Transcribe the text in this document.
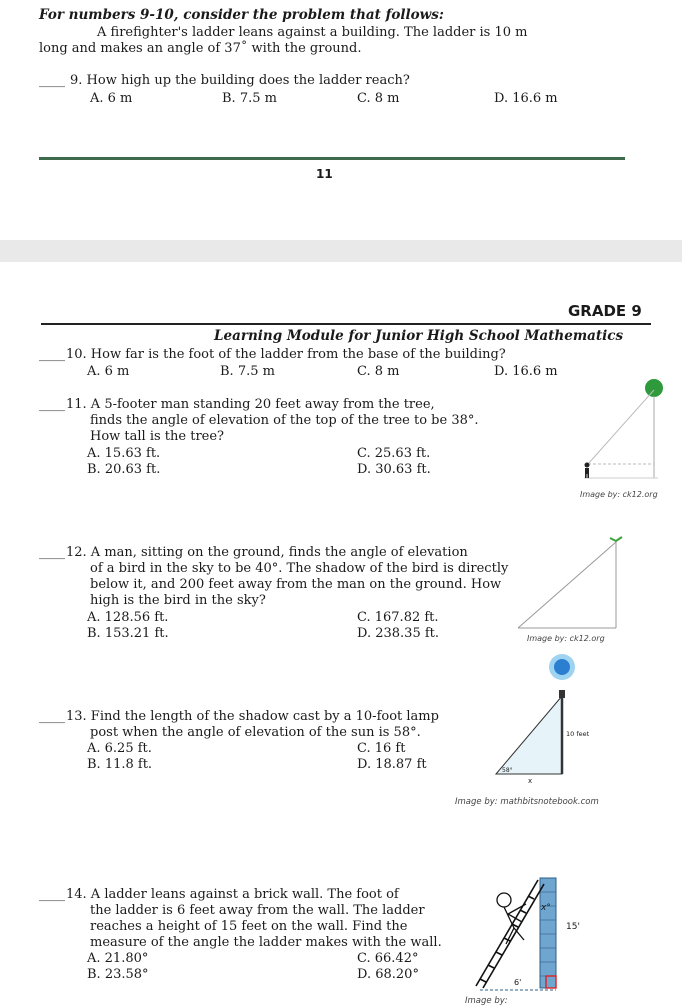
For numbers 9-10, consider the problem that follows:
A firefighter's ladder leans against a building. The ladder is 10 m
long and makes an angle of 37˚ with the ground.
____ 9. How high up the building does the ladder reach?
A. 6 m	B. 7.5 m	C. 8 m	D. 16.6 m
11
GRADE 9
Learning Module for Junior High School Mathematics
____ 10. How far is the foot of the ladder from the base of the building?
A. 6 m	B. 7.5 m	C. 8 m	D. 16.6 m
____ 11. A 5-footer man standing 20 feet away from the tree,
finds the angle of elevation of the top of the tree to be 38°.
How tall is the tree?
A. 15.63 ft.
B. 20.63 ft.
C. 25.63 ft.
D. 30.63 ft.
Image by: ck12.org
____ 12. A man, sitting on the ground, finds the angle of elevation
of a bird in the sky to be 40°. The shadow of the bird is directly
below it, and 200 feet away from the man on the ground. How
high is the bird in the sky?
A. 128.56 ft.
B. 153.21 ft.
C. 167.82 ft.
D. 238.35 ft.	Image by: ck12.org
____ 13. Find the length of the shadow cast by a 10-foot lamp
post when the angle of elevation of the sun is 58°.
A. 6.25 ft.
B. 11.8 ft.
C. 16 ft
D. 18.87 ft
10 feet
58°
x
Image by: mathbitsnotebook.com
____ 14. A ladder leans against a brick wall. The foot of
the ladder is 6 feet away from the wall. The ladder
reaches a height of 15 feet on the wall. Find the
measure of the angle the ladder makes with the wall.
A. 21.80°
B. 23.58°
C. 66.42°
D. 68.20°
x°
15'
6'
Image by:
